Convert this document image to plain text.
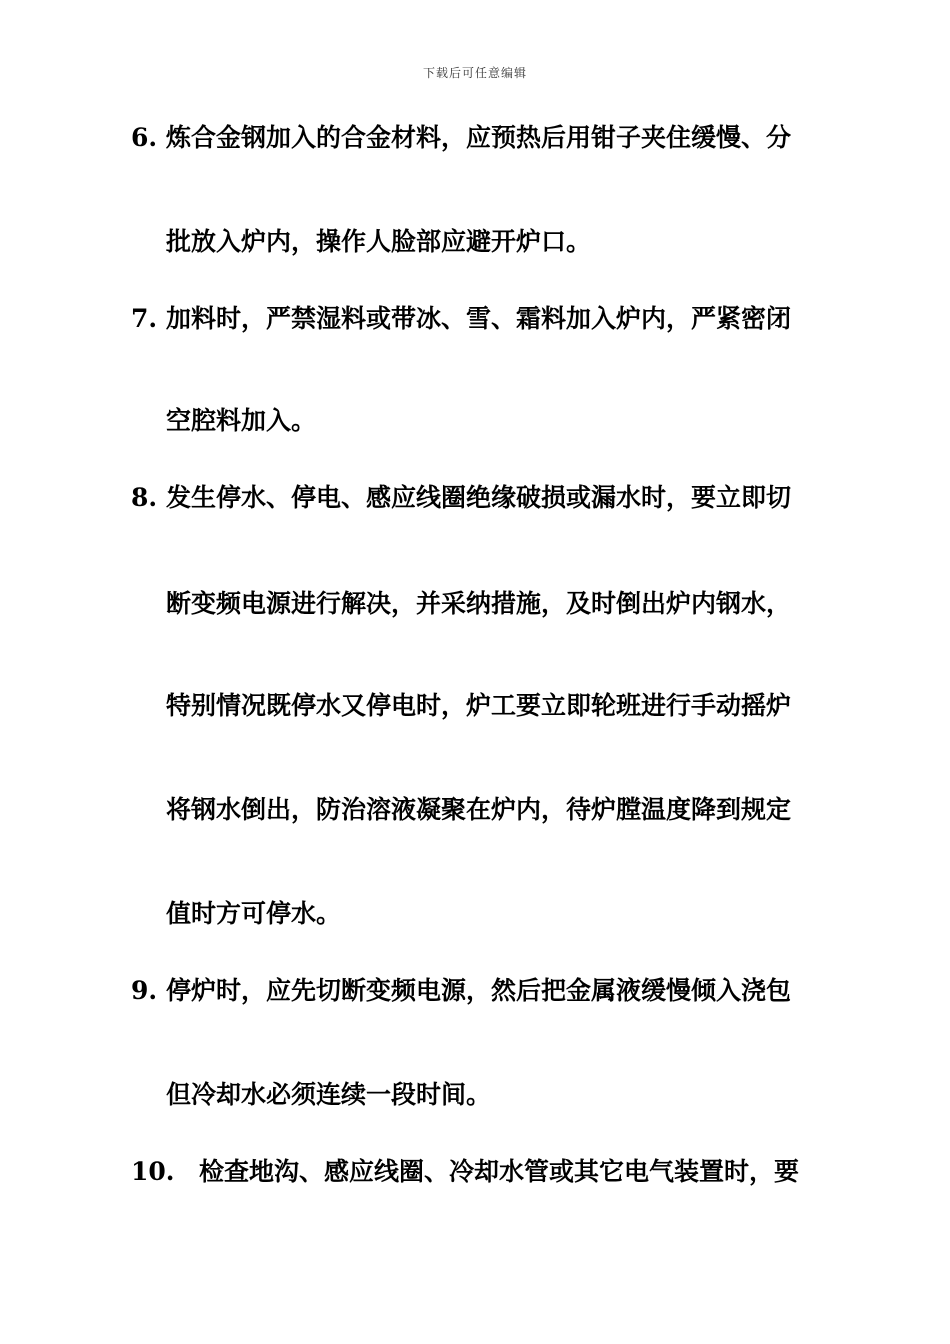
下载后可任意编辑
6. 炼合金钢加入的合金材料，应预热后用钳子夹住缓慢、分
批放入炉内，操作人脸部应避开炉口。
7. 加料时，严禁湿料或带冰、雪、霜料加入炉内，严紧密闭
空腔料加入。
8. 发生停水、停电、感应线圈绝缘破损或漏水时，要立即切
断变频电源进行解决，并采纳措施，及时倒出炉内钢水，
特别情况既停水又停电时，炉工要立即轮班进行手动摇炉
将钢水倒出，防治溶液凝聚在炉内，待炉膛温度降到规定
值时方可停水。
9. 停炉时，应先切断变频电源，然后把金属液缓慢倾入浇包
但冷却水必须连续一段时间。
10. 检查地沟、感应线圈、冷却水管或其它电气装置时，要
